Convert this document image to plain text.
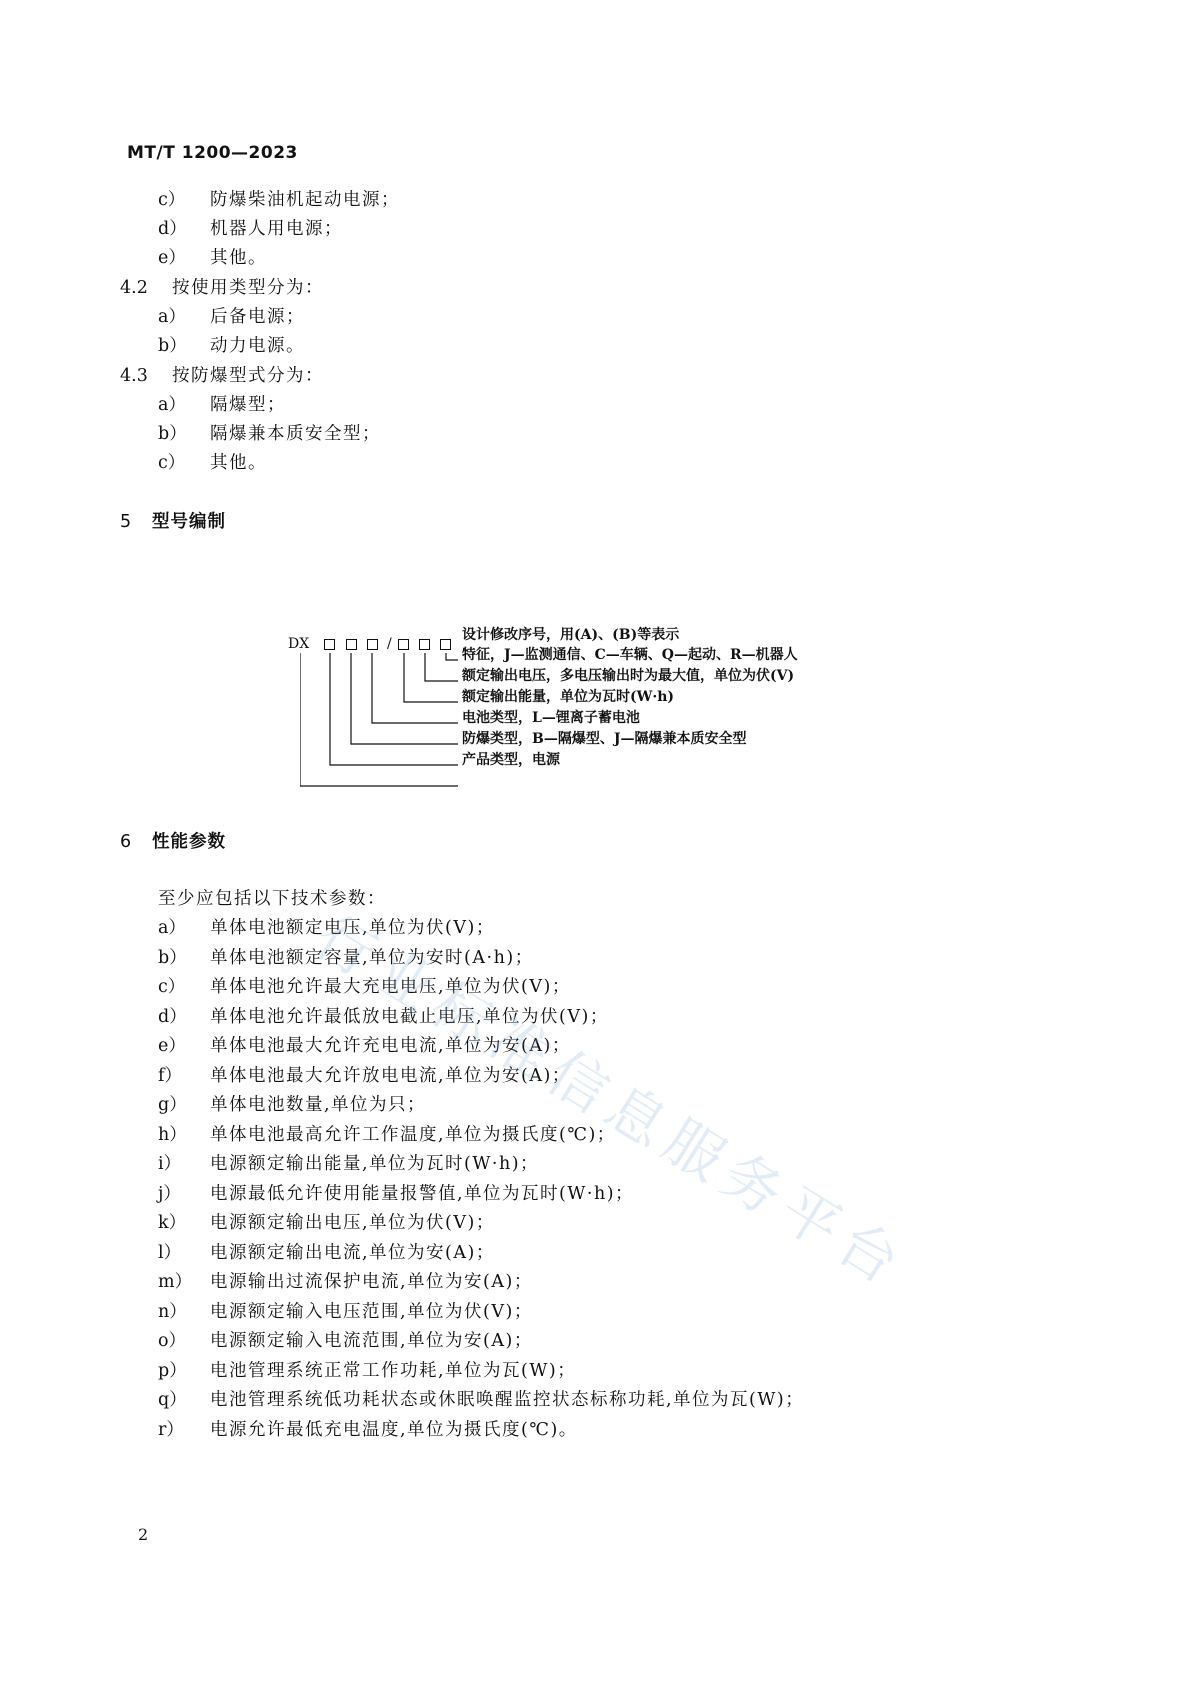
MT/T 1200—2023
c） 防爆柴油机起动电源；
d） 机器人用电源；
e） 其他。
4.2 按使用类型分为：
a） 后备电源；
b） 动力电源。
4.3 按防爆型式分为：
a） 隔爆型；
b） 隔爆兼本质安全型；
c） 其他。
5 型号编制
DX	/
设计修改序号，用(A)、(B)等表示
特征，J—监测通信、C—车辆、Q—起动、R—机器人
额定输出电压，多电压输出时为最大值，单位为伏(V)
额定输出能量，单位为瓦时(W·h)
电池类型，L—锂离子蓄电池
防爆类型，B—隔爆型、J—隔爆兼本质安全型
产品类型，电源
6 性能参数
至少应包括以下技术参数：
a） 单体电池额定电压,单位为伏(V)；
b） 单体电池额定容量,单位为安时(A·h)；
c） 单体电池允许最大充电电压,单位为伏(V)；
d） 单体电池允许最低放电截止电压,单位为伏(V)；
e） 单体电池最大允许充电电流,单位为安(A)；
f） 单体电池最大允许放电电流,单位为安(A)；
g） 单体电池数量,单位为只；
h） 单体电池最高允许工作温度,单位为摄氏度(℃)；
i） 电源额定输出能量,单位为瓦时(W·h)；
j） 电源最低允许使用能量报警值,单位为瓦时(W·h)；
k） 电源额定输出电压,单位为伏(V)；
l） 电源额定输出电流,单位为安(A)；
m） 电源输出过流保护电流,单位为安(A)；
n） 电源额定输入电压范围,单位为伏(V)；
o） 电源额定输入电流范围,单位为安(A)；
p） 电池管理系统正常工作功耗,单位为瓦(W)；
q） 电池管理系统低功耗状态或休眠唤醒监控状态标称功耗,单位为瓦(W)；
r） 电源允许最低充电温度,单位为摄氏度(℃)。
行
业
标
准
信
息
服
务
平
台
2
